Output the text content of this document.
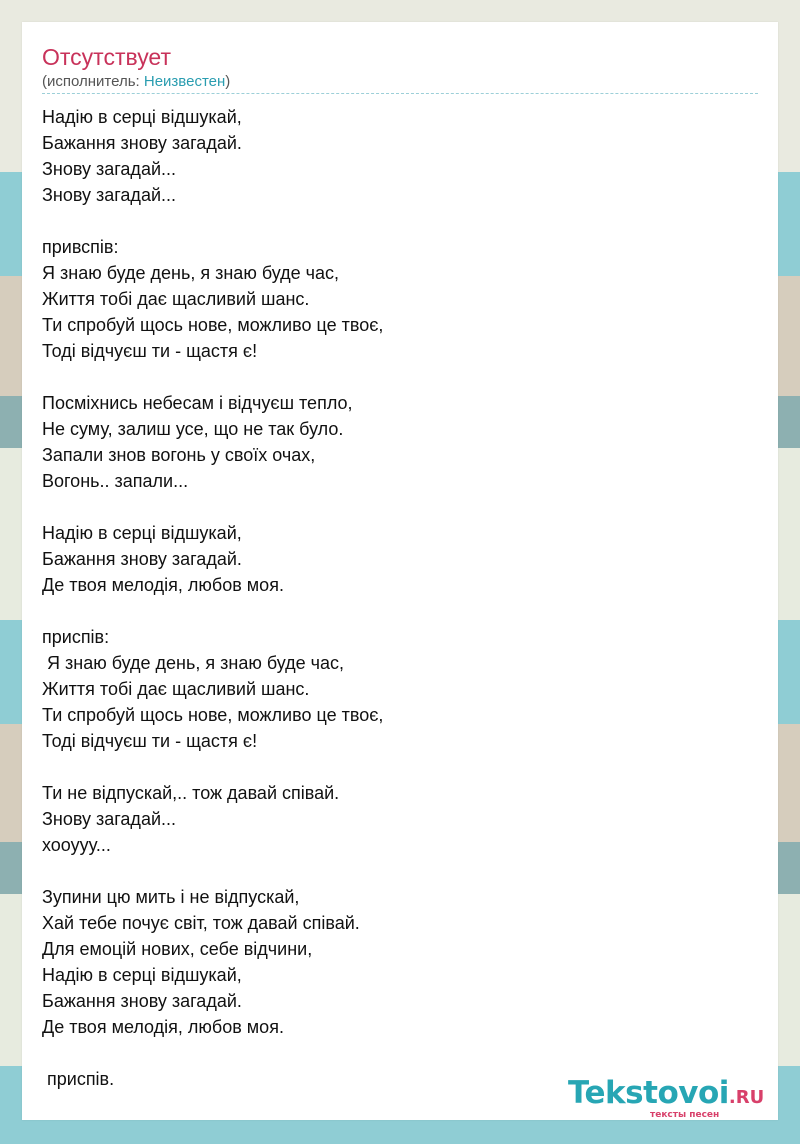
Отсутствует
(исполнитель: Неизвестен)
Надію в серці відшукай,
Бажання знову загадай.
Знову загадай...
Знову загадай...
привспів:
Я знаю буде день, я знаю буде час,
Життя тобі дає щасливий шанс.
Ти спробуй щось нове, можливо це твоє,
Тоді відчуєш ти - щастя є!
Посміхнись небесам і відчуєш тепло,
Не суму, залиш усе, що не так було.
Запали знов вогонь у своїх очах,
Вогонь.. запали...
Надію в серці відшукай,
Бажання знову загадай.
Де твоя мелодія, любов моя.
приспів:
Я знаю буде день, я знаю буде час,
Життя тобі дає щасливий шанс.
Ти спробуй щось нове, можливо це твоє,
Тоді відчуєш ти - щастя є!
Ти не відпускай,.. тож давай співай.
Знову загадай...
хооууу...
Зупини цю мить і не відпускай,
Хай тебе почує світ, тож давай співай.
Для емоцій нових, себе відчини,
Надію в серці відшукай,
Бажання знову загадай.
Де твоя мелодія, любов моя.
приспів.	Tekstovoi.RU
тексты песен
